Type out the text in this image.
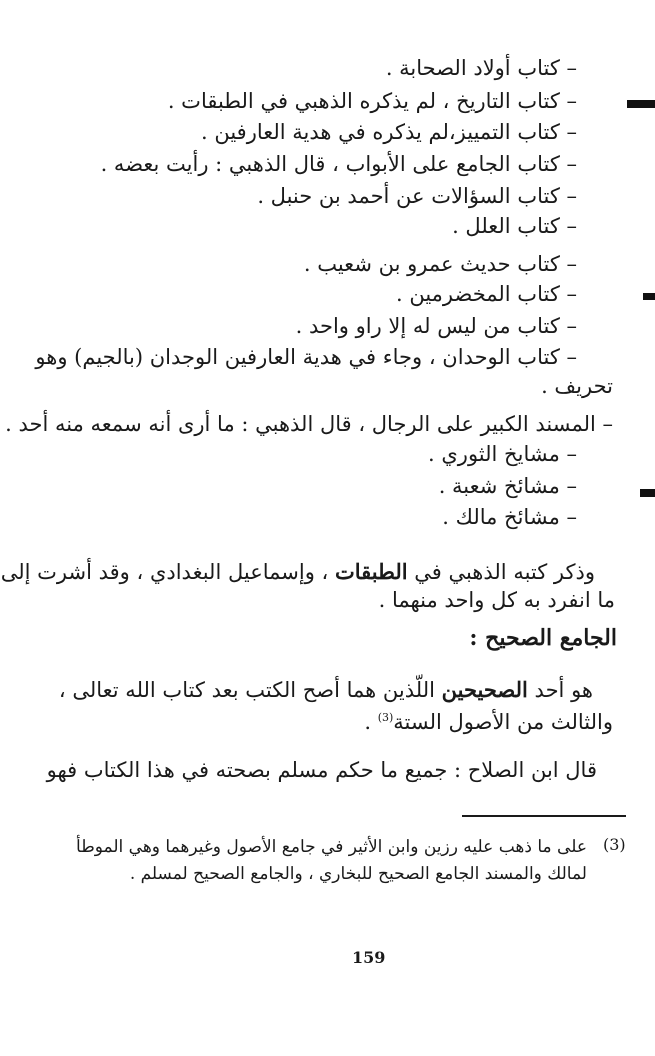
– كتاب أولاد الصحابة .
– كتاب التاريخ ، لم يذكره الذهبي في الطبقات .
– كتاب التمييز،لم يذكره في هدية العارفين .
– كتاب الجامع على الأبواب ، قال الذهبي : رأيت بعضه .
– كتاب السؤالات عن أحمد بن حنبل .
– كتاب العلل .
– كتاب حديث عمرو بن شعيب .
– كتاب المخضرمين .
– كتاب من ليس له إلا راو واحد .
– كتاب الوحدان ، وجاء في هدية العارفين الوجدان (بالجيم) وهو
تحريف .
– المسند الكبير على الرجال ، قال الذهبي : ما أرى أنه سمعه منه أحد .
– مشايخ الثوري .
– مشائخ شعبة .
– مشائخ مالك .
وذكر كتبه الذهبي في الطبقات ، وإسماعيل البغدادي ، وقد أشرت إلى
ما انفرد به كل واحد منهما .
الجامع الصحيح :
هو أحد الصحيحين اللّذين هما أصح الكتب بعد كتاب الله تعالى ،
والثالث من الأصول الستة$^{(3)}$ .
قال ابن الصلاح : جميع ما حكم مسلم بصحته في هذا الكتاب فهو
(3)
على ما ذهب عليه رزين وابن الأثير في جامع الأصول وغيرهما وهي الموطأ
لمالك والمسند الجامع الصحيح للبخاري ، والجامع الصحيح لمسلم .
159
